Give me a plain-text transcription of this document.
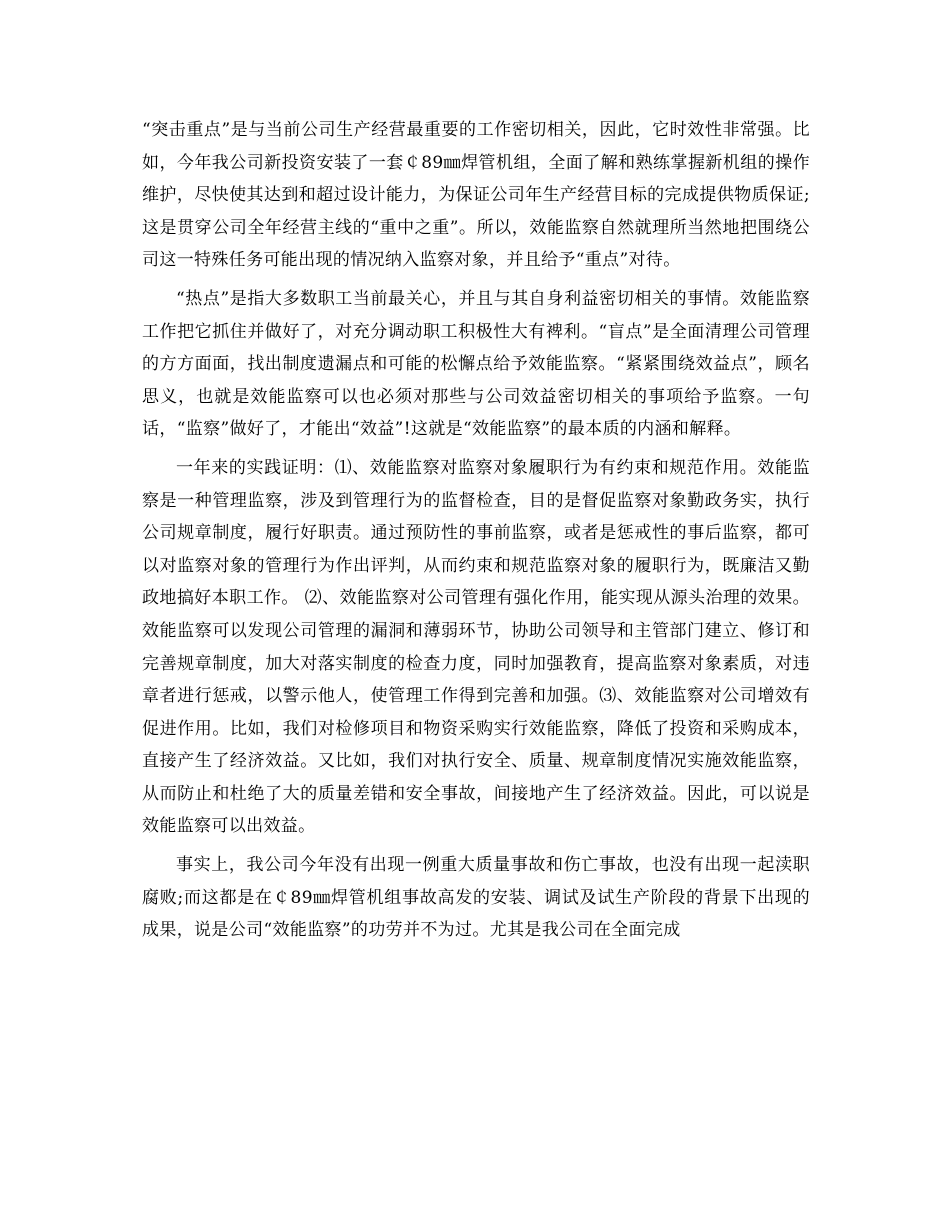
“突击重点”是与当前公司生产经营最重要的工作密切相关，因此，它时效性非常强。比如，今年我公司新投资安装了一套￠89㎜焊管机组，全面了解和熟练掌握新机组的操作维护，尽快使其达到和超过设计能力，为保证公司年生产经营目标的完成提供物质保证;这是贯穿公司全年经营主线的“重中之重”。所以，效能监察自然就理所当然地把围绕公司这一特殊任务可能出现的情况纳入监察对象，并且给予“重点”对待。

“热点”是指大多数职工当前最关心，并且与其自身利益密切相关的事情。效能监察工作把它抓住并做好了，对充分调动职工积极性大有裨利。“盲点”是全面清理公司管理的方方面面，找出制度遗漏点和可能的松懈点给予效能监察。“紧紧围绕效益点”，顾名思义，也就是效能监察可以也必须对那些与公司效益密切相关的事项给予监察。一句话，“监察”做好了，才能出“效益”!这就是“效能监察”的最本质的内涵和解释。

一年来的实践证明：⑴、效能监察对监察对象履职行为有约束和规范作用。效能监察是一种管理监察，涉及到管理行为的监督检查，目的是督促监察对象勤政务实，执行公司规章制度，履行好职责。通过预防性的事前监察，或者是惩戒性的事后监察，都可以对监察对象的管理行为作出评判，从而约束和规范监察对象的履职行为，既廉洁又勤政地搞好本职工作。 ⑵、效能监察对公司管理有强化作用，能实现从源头治理的效果。效能监察可以发现公司管理的漏洞和薄弱环节，协助公司领导和主管部门建立、修订和完善规章制度，加大对落实制度的检查力度，同时加强教育，提高监察对象素质，对违章者进行惩戒，以警示他人，使管理工作得到完善和加强。⑶、效能监察对公司增效有促进作用。比如，我们对检修项目和物资采购实行效能监察，降低了投资和采购成本，直接产生了经济效益。又比如，我们对执行安全、质量、规章制度情况实施效能监察，从而防止和杜绝了大的质量差错和安全事故，间接地产生了经济效益。因此，可以说是效能监察可以出效益。

事实上，我公司今年没有出现一例重大质量事故和伤亡事故，也没有出现一起渎职腐败;而这都是在￠89㎜焊管机组事故高发的安装、调试及试生产阶段的背景下出现的成果，说是公司“效能监察”的功劳并不为过。尤其是我公司在全面完成
